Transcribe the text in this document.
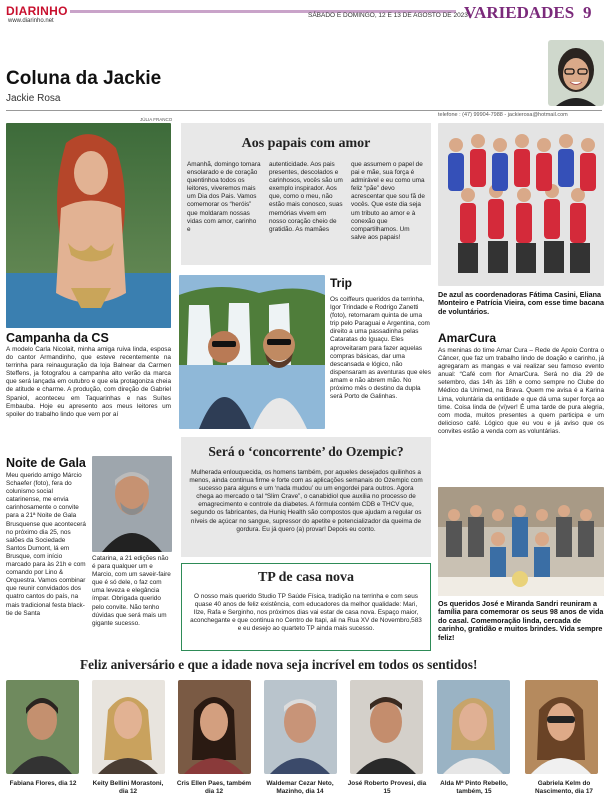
DIARINHO
www.diarinho.net
SÁBADO E DOMINGO, 12 E 13 DE AGOSTO DE 2023
VARIEDADES 9
Coluna da Jackie
Jackie Rosa
telefone : (47) 99904-7988 - jackierosa@hotmail.com
JÚLIA FRANCO
Aos papais com amor
Amanhã, domingo tomara ensolarado e de coração quentinhoa todos os leitores, viveremos mais um Dia dos Pais. Vamos comemorar os “heróis” que moldaram nossas vidas com amor, carinho e
autenticidade. Aos pais presentes, descolados e carinhosos, vocês são um exemplo inspirador. Aos que, como o meu, não estão mais conosco, suas memórias vivem em nosso coração cheio de gratidão. As mamães
que assumem o papel de pai e mãe, sua força é admirável e eu como uma feliz “pãe” devo acrescentar que sou fã de vocês. Que este dia seja um tributo ao amor e à conexão que compartilhamos. Um salve aos papais!
De azul as coordenadoras Fátima Casini, Eliana Monteiro e Patrícia Vieira, com esse time bacana de voluntários.
Trip
Os coiffeurs queridos da terrinha, Igor Trindade e Rodrigo Zanetti (foto), retornaram quinta de uma trip pelo Paraguai e Argentina, com direito a uma passadinha pelas Cataratas do Iguaçu. Eles aproveitaram para fazer aquelas compras básicas, dar uma descansada e lógico, não dispensaram as aventuras que eles amam e não abrem mão. No próximo mês o destino da dupla será Porto de Galinhas.
Campanha da CS
A modelo Carla Nicolait, minha amiga ruiva linda, esposa do cantor Armandinho, que esteve recentemente na terrinha para reinauguração da loja Balnear da Carmen Steffens, ja fotografou a campanha alto verão da marca que será lançada em outubro e que ela protagoniza cheia de atitude e charme. A produção, com direção de Gabriel Spaniol, aconteceu em Taquarinhas e nas Suítes Embauba. Hoje eu apresento aos meus leitores um spoiler do trabalho lindo que vem por aí
AmarCura
As meninas do time Amar Cura – Rede de Apoio Contra o Câncer, que faz um trabalho lindo de doação e carinho, já agregaram as mangas e vai realizar seu famoso evento anual: “Café com flor AmarCura. Será no dia 29 de setembro, das 14h às 18h e como sempre no Clube do Médico da Unimed, na Brava. Quem me avisa é a Karina Lima, voluntária da entidade e que dá uma super força ao time. Coisa linda de (vi)ver! É uma tarde de pura alegria, com moda, muitos presentes a quem participa e um delicioso café. Lógico que eu vou e já aviso que os convites estão a venda com as voluntárias.
Será o ‘concorrente’ do Ozempic?
Mulherada enlouquecida, os homens também, por aqueles desejados quilinhos a menos, ainda continua firme e forte com as aplicações semanais do Ozempic com sucesso para alguns e um ‘nada mudou’ ou um engordei para outros. Agora chega ao mercado o tal “Slim Crave”, o canabidiol que auxilia no processo de emagrecimento e controle da diabetes. A fórmula contém CDB e THCV que, segundo os fabricantes, da Huniq Health são compostos que ajudam a regular os níveis de açúcar no sangue, supressor do apetite e potencializador da queima de gordura. Eu já quero (a) provar! Depois eu conto.
Noite de Gala
Meu querido amigo Márcio Schaefer (foto), fera do colunismo social catarinense, me envia carinhosamente o convite para a 21ª Noite de Gala Brusquense que acontecerá no próximo dia 25, nos salões da Sociedade Santos Dumont, lá em Brusque, com início marcado para às 21h e com comando por Lino & Orquestra. Vamos combinar que reunir convidados dos quatro cantos do país, na mais tradicional festa black-tie de Santa
Catarina, a 21 edições não é para qualquer um e Marcio, com um saveir-faire que é só dele, o faz com uma leveza e elegância ímpar. Obrigada querido pelo convite. Não tenho dúvidas que será mais um gigante sucesso.
TP de casa nova
O nosso mais querido Studio TP Saúde Física, tradição na terrinha e com seus quase 40 anos de feliz existência, com educadores da melhor qualidade: Mari, Ilze, Rafa e Serginho, nos próximos dias vai estar de casa nova. Espaço maior, aconchegante e que continua no Centro de Itapi, ali na Rua XV de Novembro,583 e eu desejo ao quarteto TP ainda mais sucesso.
Os queridos José e Miranda Sandri reuniram a família para comemorar os seus 98 anos de vida do casal. Comemoração linda, cercada de carinho, gratidão e muitos brindes. Vida sempre feliz!
Feliz aniversário e que a idade nova seja incrível em todos os sentidos!
Fabiana Flores, dia 12	Keity Bellini Morastoni, dia 12
Cris Ellen Paes, também dia 12
Waldemar Cezar Neto, Mazinho, dia 14
José Roberto Provesi, dia 15
Alda Mª Pinto Rebello, também, 15
Gabriela Kelm do Nascimento, dia 17
